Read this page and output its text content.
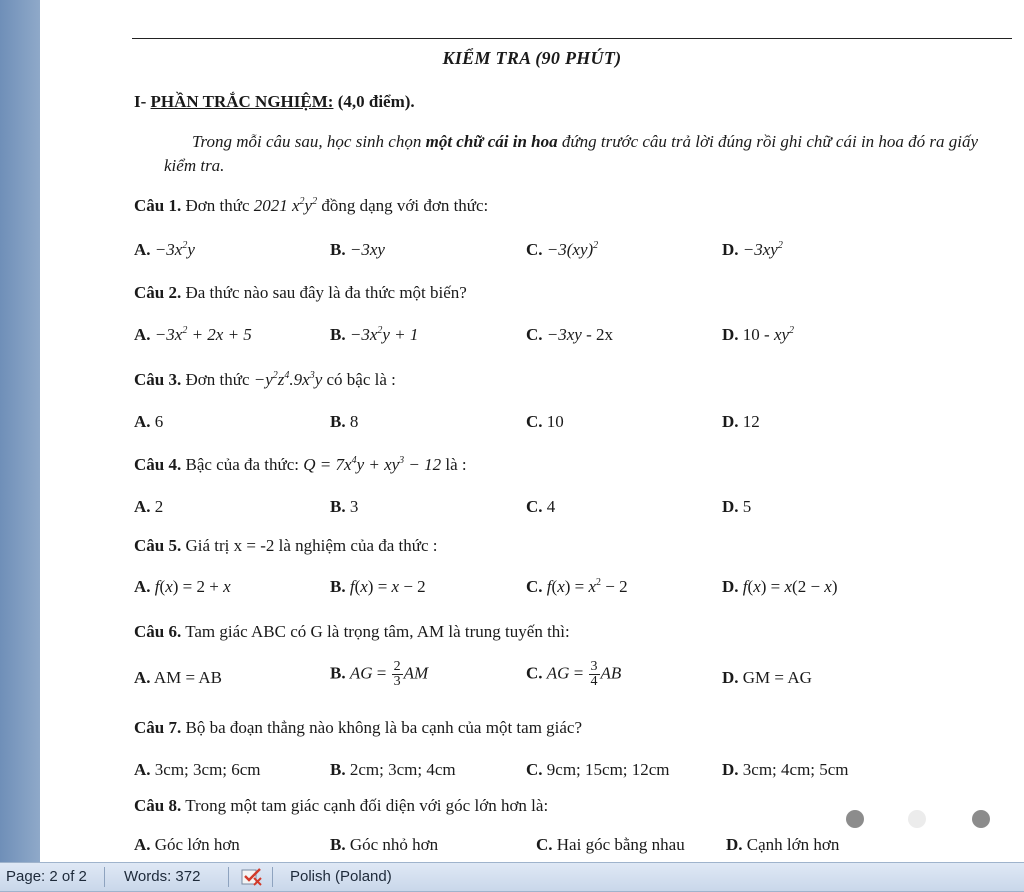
KIỂM TRA (90 PHÚT)
I- PHẦN TRẮC NGHIỆM: (4,0 điểm).
Trong mỗi câu sau, học sinh chọn một chữ cái in hoa đứng trước câu trả lời đúng rồi ghi chữ cái in hoa đó ra giấy kiểm tra.
Câu 1. Đơn thức 2021 $x^2y^2$ đồng dạng với đơn thức:
A. $-3x^2y$	B. −3xy	C. −3(xy)$^2$	D. $-3xy^2$
Câu 2. Đa thức nào sau đây là đa thức một biến?
A. $-3x^2 + 2x + 5$	B. $-3x^2y + 1$	C. −3xy - 2x	D. $10 - xy^2$
Câu 3. Đơn thức $-y^2z^4.9x^3y$ có bậc là :
A. 6	B. 8	C. 10	D. 12
Câu 4. Bậc của đa thức: $Q = 7x^4y + xy^3 - 12$ là :
A. 2	B. 3	C. 4	D. 5
Câu 5. Giá trị x = -2 là nghiệm của đa thức :
A. f(x) = 2 + x	B. f(x) = x − 2	C. $f(x) = x^2 - 2$	D. f(x) = x(2 − x)
Câu 6. Tam giác ABC có G là trọng tâm, AM là trung tuyến thì:
A. AM = AB	B. AG = $\frac{2}{3}$ AM	C. AG = $\frac{3}{4}$ AB	D. GM = AG
Câu 7. Bộ ba đoạn thẳng nào không là ba cạnh của một tam giác?
A. 3cm; 3cm; 6cm	B. 2cm; 3cm; 4cm	C. 9cm; 15cm; 12cm	D. 3cm; 4cm; 5cm
Câu 8. Trong một tam giác cạnh đối diện với góc lớn hơn là:
A. Góc lớn hơn	B. Góc nhỏ hơn	C. Hai góc bằng nhau D. Cạnh lớn hơn
Page: 2 of 2 Words: 372	Polish (Poland)
